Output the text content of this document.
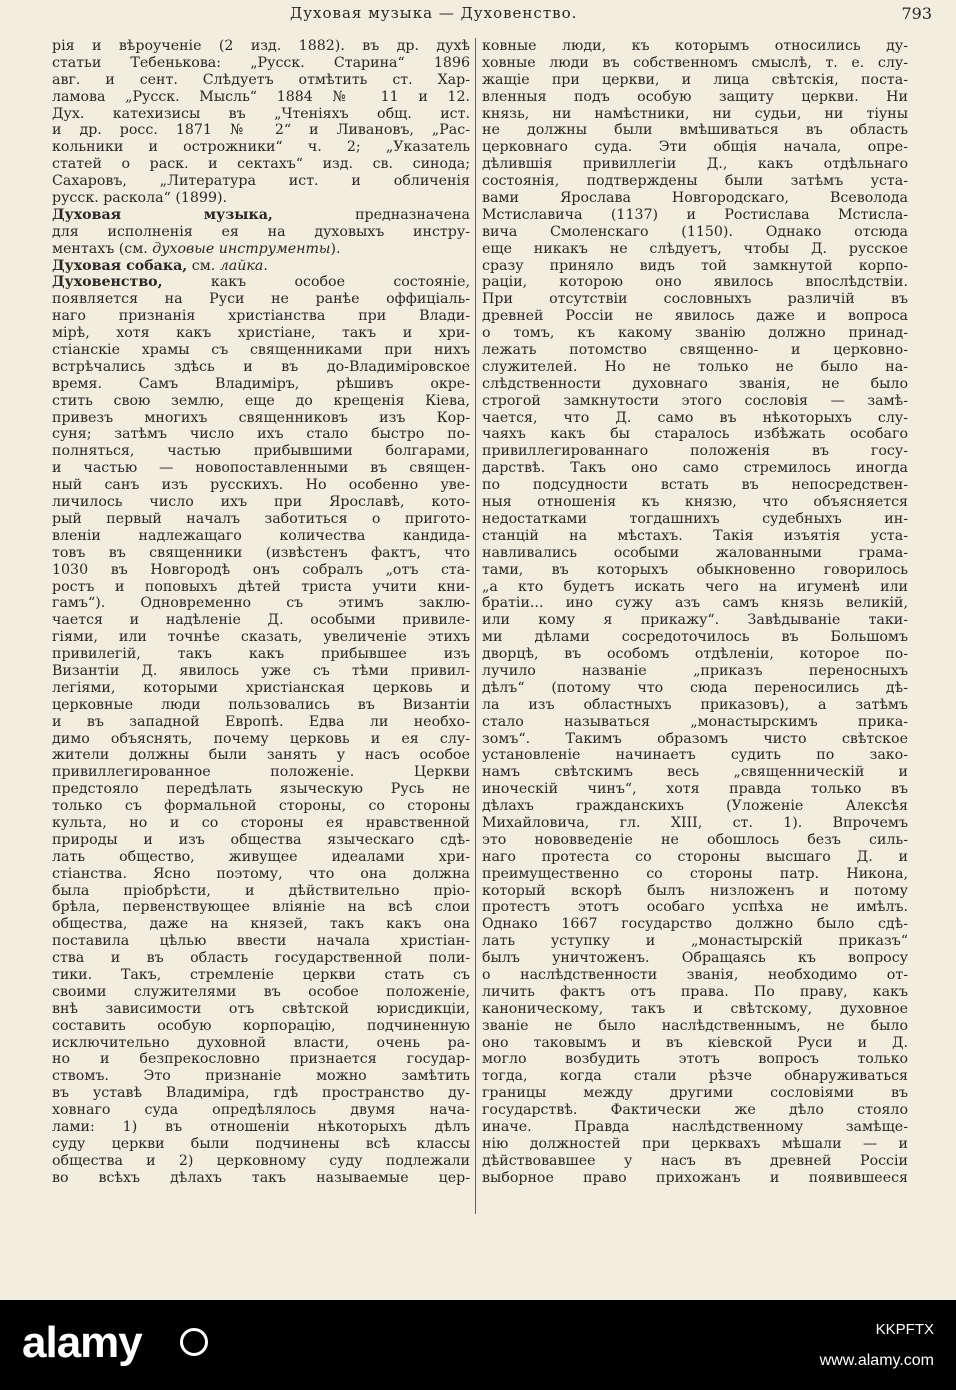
Духовая музыка — Духовенство.	793
рія и вѣроученіе (2 изд. 1882). въ др. духѣ
статьи Тебенькова: „Русск. Старина“ 1896
авг. и сент. Слѣдуетъ отмѣтить ст. Хар-
ламова „Русск. Мысль“ 1884 № 11 и 12.
Дух. катехизисы въ „Чтеніяхъ общ. ист.
и др. росс. 1871 № 2“ и Ливановъ, „Рас-
кольники и острожники“ ч. 2; „Указатель
статей о раск. и сектахъ“ изд. св. синода;
Сахаровъ, „Литература ист. и обличенія
русск. раскола“ (1899).
Духовая музыка, предназначена
для исполненія ея на духовыхъ инстру-
ментахъ (см. духовые инструменты).
Духовая собака, см. лайка.
Духовенство, какъ особое состояніе,
появляется на Руси не ранѣе оффиціаль-
наго признанія христіанства при Влади-
мірѣ, хотя какъ христіане, такъ и хри-
стіанскіе храмы съ священниками при нихъ
встрѣчались здѣсь и въ до-Владиміровское
время. Самъ Владиміръ, рѣшивъ окре-
стить свою землю, еще до крещенія Кіева,
привезъ многихъ священниковъ изъ Кор-
суня; затѣмъ число ихъ стало быстро по-
полняться, частью прибывшими болгарами,
и частью — новопоставленными въ священ-
ный санъ изъ русскихъ. Но особенно уве-
личилось число ихъ при Ярославѣ, кото-
рый первый началъ заботиться о пригото-
вленіи надлежащаго количества кандида-
товъ въ священники (извѣстенъ фактъ, что
1030 въ Новгородѣ онъ собралъ „отъ ста-
ростъ и поповыхъ дѣтей триста учити кни-
гамъ“). Одновременно съ этимъ заклю-
чается и надѣленіе Д. особыми привиле-
гіями, или точнѣе сказать, увеличеніе этихъ
привилегій, такъ какъ прибывшее изъ
Византіи Д. явилось уже съ тѣми привил-
легіями, которыми христіанская церковь и
церковные люди пользовались въ Византіи
и въ западной Европѣ. Едва ли необхо-
димо объяснять, почему церковь и ея слу-
жители должны были занять у насъ особое
привиллегированное положеніе. Церкви
предстояло передѣлать языческую Русь не
только съ формальной стороны, со стороны
культа, но и со стороны ея нравственной
природы и изъ общества языческаго сдѣ-
лать общество, живущее идеалами хри-
стіанства. Ясно поэтому, что она должна
была пріобрѣсти, и дѣйствительно пріо-
брѣла, первенствующее вліяніе на всѣ слои
общества, даже на князей, такъ какъ она
поставила цѣлью ввести начала христіан-
ства и въ область государственной поли-
тики. Такъ, стремленіе церкви стать съ
своими служителями въ особое положеніе,
внѣ зависимости отъ свѣтской юрисдикціи,
составить особую корпорацію, подчиненную
исключительно духовной власти, очень ра-
но и безпрекословно признается государ-
ствомъ. Это признаніе можно замѣтить
въ уставѣ Владиміра, гдѣ пространство ду-
ховнаго суда опредѣлялось двумя нача-
лами: 1) въ отношеніи нѣкоторыхъ дѣлъ
суду церкви были подчинены всѣ классы
общества и 2) церковному суду подлежали
во всѣхъ дѣлахъ такъ называемые цер-
ковные люди, къ которымъ относились ду-
ховные люди въ собственномъ смыслѣ, т. е. слу-
жащіе при церкви, и лица свѣтскія, поста-
вленныя подъ особую защиту церкви. Ни
князь, ни намѣстники, ни судьи, ни тіуны
не должны были вмѣшиваться въ область
церковнаго суда. Эти общія начала, опре-
дѣлившія привиллегіи Д., какъ отдѣльнаго
состоянія, подтверждены были затѣмъ уста-
вами Ярослава Новгородскаго, Всеволода
Мстиславича (1137) и Ростислава Мстисла-
вича Смоленскаго (1150). Однако отсюда
еще никакъ не слѣдуетъ, чтобы Д. русское
сразу приняло видъ той замкнутой корпо-
раціи, которою оно явилось впослѣдствіи.
При отсутствіи сословныхъ различій въ
древней Россіи не явилось даже и вопроса
о томъ, къ какому званію должно принад-
лежать потомство священно- и церковно-
служителей. Но не только не было на-
слѣдственности духовнаго званія, не было
строгой замкнутости этого сословія — замѣ-
чается, что Д. само въ нѣкоторыхъ слу-
чаяхъ какъ бы старалось избѣжать особаго
привиллегированнаго положенія въ госу-
дарствѣ. Такъ оно само стремилось иногда
по подсудности встать въ непосредствен-
ныя отношенія къ князю, что объясняется
недостатками тогдашнихъ судебныхъ ин-
станцій на мѣстахъ. Такія изъятія уста-
навливались особыми жалованными грама-
тами, въ которыхъ обыкновенно говорилось
„а кто будетъ искать чего на игуменѣ или
братіи... ино сужу азъ самъ князь великій,
или кому я прикажу“. Завѣдываніе таки-
ми дѣлами сосредоточилось въ Большомъ
дворцѣ, въ особомъ отдѣленіи, которое по-
лучило названіе „приказъ переносныхъ
дѣлъ“ (потому что сюда переносились дѣ-
ла изъ областныхъ приказовъ), а затѣмъ
стало называться „монастырскимъ прика-
зомъ“. Такимъ образомъ чисто свѣтское
установленіе начинаетъ судить по зако-
намъ свѣтскимъ весь „священническій и
иноческій чинъ“, хотя правда только въ
дѣлахъ гражданскихъ (Уложеніе Алексѣя
Михайловича, гл. XIII, ст. 1). Впрочемъ
это нововведеніе не обошлось безъ силь-
наго протеста со стороны высшаго Д. и
преимущественно со стороны патр. Никона,
который вскорѣ былъ низложенъ и потому
протестъ этотъ особаго успѣха не имѣлъ.
Однако 1667 государство должно было сдѣ-
лать уступку и „монастырскій приказъ“
былъ уничтоженъ. Обращаясь къ вопросу
о наслѣдственности званія, необходимо от-
личить фактъ отъ права. По праву, какъ
каноническому, такъ и свѣтскому, духовное
званіе не было наслѣдственнымъ, не было
оно таковымъ и въ кіевской Руси и Д.
могло возбудить этотъ вопросъ только
тогда, когда стали рѣзче обнаруживаться
границы между другими сословіями въ
государствѣ. Фактически же дѣло стояло
иначе. Правда наслѣдственному замѣще-
нію должностей при церквахъ мѣшали — и
дѣйствовавшее у насъ въ древней Россіи
выборное право прихожанъ и появившееся
alamy	KKPFTX
www.alamy.com
